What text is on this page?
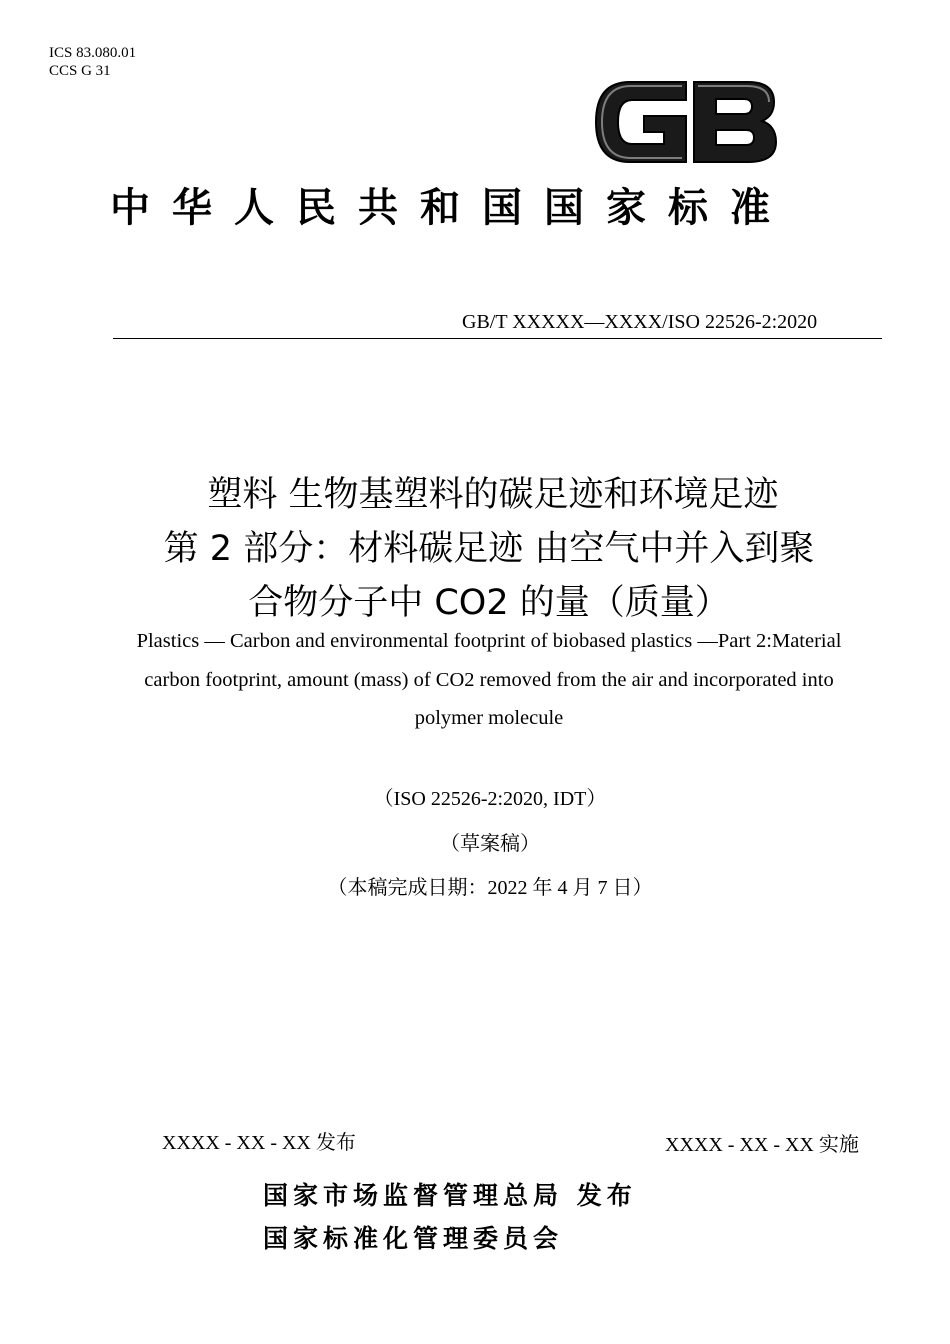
ICS 83.080.01
CCS G 31
中华人民共和国国家标准
GB/T XXXXX—XXXX/ISO 22526-2:2020
塑料 生物基塑料的碳足迹和环境足迹
第 2 部分：材料碳足迹 由空气中并入到聚
合物分子中 CO2 的量（质量）
Plastics — Carbon and environmental footprint of biobased plastics —Part 2:Material
carbon footprint, amount (mass) of CO2 removed from the air and incorporated into
polymer molecule
（ISO 22526-2:2020, IDT）
（草案稿）
（本稿完成日期：2022 年 4 月 7 日）
XXXX - XX - XX 发布	XXXX - XX - XX 实施
国家市场监督管理总局 发布
国家标准化管理委员会
